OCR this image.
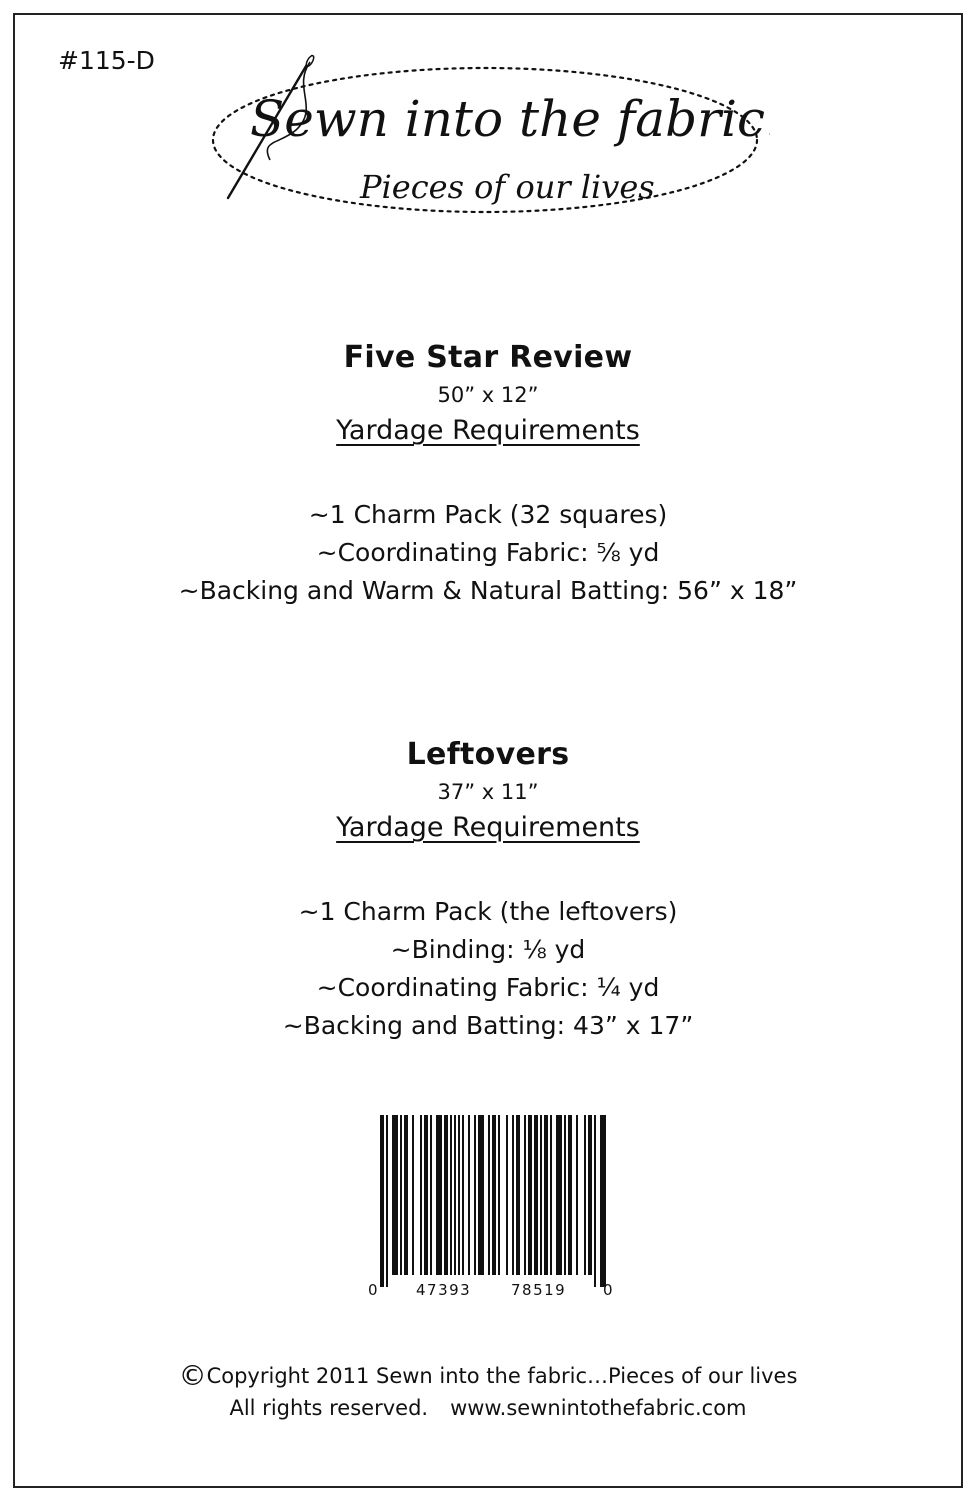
#115-D
Sewn into the fabric...
Pieces of our lives
Five Star Review
50” x 12”
Yardage Requirements
~1 Charm Pack (32 squares)
~Coordinating Fabric: ⅝ yd
~Backing and Warm & Natural Batting: 56” x 18”
Leftovers
37” x 11”
Yardage Requirements
~1 Charm Pack (the leftovers)
~Binding: ⅛ yd
~Coordinating Fabric: ¼ yd
~Backing and Batting: 43” x 17”
0	47393	78519 0
©Copyright 2011 Sewn into the fabric…Pieces of our lives
All rights reserved. www.sewnintothefabric.com
